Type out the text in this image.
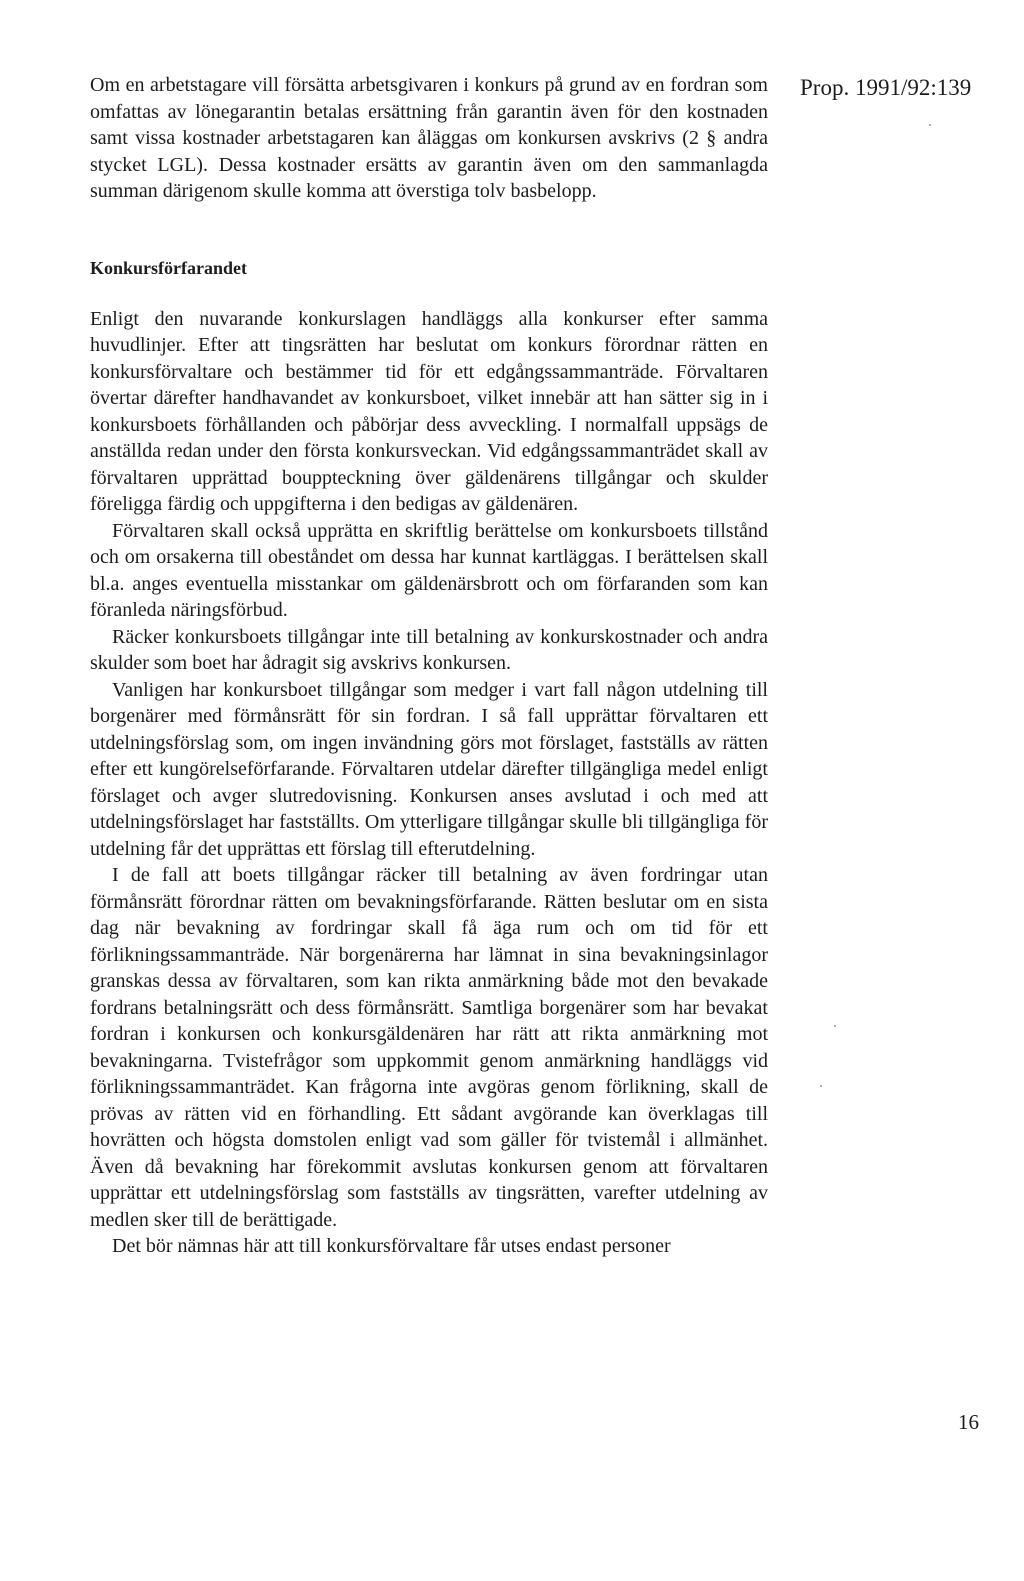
Prop. 1991/92:139

Om en arbetstagare vill försätta arbetsgivaren i konkurs på grund av en fordran som omfattas av lönegarantin betalas ersättning från garantin även för den kostnaden samt vissa kostnader arbetstagaren kan åläggas om konkursen avskrivs (2 § andra stycket LGL). Dessa kostnader ersätts av garantin även om den sammanlagda summan därigenom skulle komma att överstiga tolv basbelopp.

Konkursförfarandet

Enligt den nuvarande konkurslagen handläggs alla konkurser efter samma huvudlinjer. Efter att tingsrätten har beslutat om konkurs förordnar rätten en konkursförvaltare och bestämmer tid för ett edgångssammanträde. Förvaltaren övertar därefter handhavandet av konkursboet, vilket innebär att han sätter sig in i konkursboets förhållanden och påbörjar dess avveckling. I normalfall uppsägs de anställda redan under den första konkursveckan. Vid edgångssammanträdet skall av förvaltaren upprättad bouppteckning över gäldenärens tillgångar och skulder föreligga färdig och uppgifterna i den bedigas av gäldenären.

Förvaltaren skall också upprätta en skriftlig berättelse om konkursboets tillstånd och om orsakerna till obeståndet om dessa har kunnat kartläggas. I berättelsen skall bl.a. anges eventuella misstankar om gäldenärsbrott och om förfaranden som kan föranleda näringsförbud.

Räcker konkursboets tillgångar inte till betalning av konkurskostnader och andra skulder som boet har ådragit sig avskrivs konkursen.

Vanligen har konkursboet tillgångar som medger i vart fall någon utdelning till borgenärer med förmånsrätt för sin fordran. I så fall upprättar förvaltaren ett utdelningsförslag som, om ingen invändning görs mot förslaget, fastställs av rätten efter ett kungörelseförfarande. Förvaltaren utdelar därefter tillgängliga medel enligt förslaget och avger slutredovisning. Konkursen anses avslutad i och med att utdelningsförslaget har fastställts. Om ytterligare tillgångar skulle bli tillgängliga för utdelning får det upprättas ett förslag till efterutdelning.

I de fall att boets tillgångar räcker till betalning av även fordringar utan förmånsrätt förordnar rätten om bevakningsförfarande. Rätten beslutar om en sista dag när bevakning av fordringar skall få äga rum och om tid för ett förlikningssammanträde. När borgenärerna har lämnat in sina bevakningsinlagor granskas dessa av förvaltaren, som kan rikta anmärkning både mot den bevakade fordrans betalningsrätt och dess förmånsrätt. Samtliga borgenärer som har bevakat fordran i konkursen och konkursgäldenären har rätt att rikta anmärkning mot bevakningarna. Tvistefrågor som uppkommit genom anmärkning handläggs vid förlikningssammanträdet. Kan frågorna inte avgöras genom förlikning, skall de prövas av rätten vid en förhandling. Ett sådant avgörande kan överklagas till hovrätten och högsta domstolen enligt vad som gäller för tvistemål i allmänhet. Även då bevakning har förekommit avslutas konkursen genom att förvaltaren upprättar ett utdelningsförslag som fastställs av tingsrätten, varefter utdelning av medlen sker till de berättigade.

Det bör nämnas här att till konkursförvaltare får utses endast personer

16
